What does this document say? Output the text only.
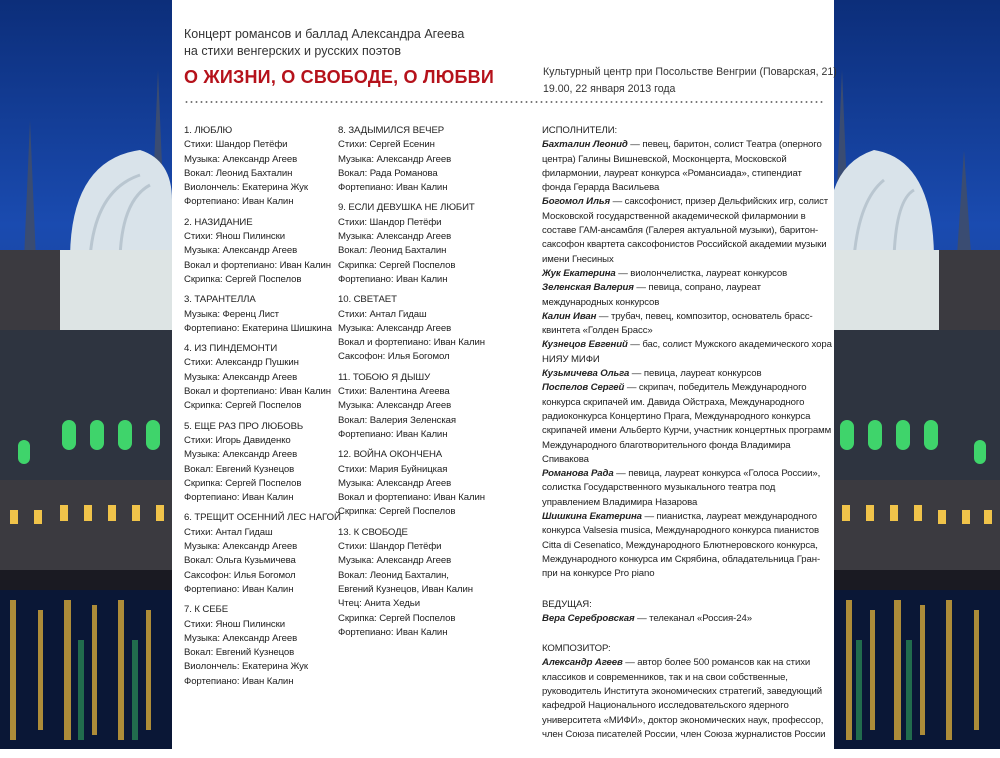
Концерт романсов и баллад Александра Агеева
на стихи венгерских и русских поэтов
О ЖИЗНИ, О СВОБОДЕ, О ЛЮБВИ	Культурный центр при Посольстве Венгрии (Поварская, 21)
19.00, 22 января 2013 года

1. ЛЮБЛЮ

Стихи: Шандор Петёфи

Музыка: Александр Агеев

Вокал: Леонид Бахталин

Виолончель: Екатерина Жук

Фортепиано: Иван Калин

2. НАЗИДАНИЕ

Стихи: Янош Пилински

Музыка: Александр Агеев

Вокал и фортепиано: Иван Калин

Скрипка: Сергей Поспелов

3. ТАРАНТЕЛЛА

Музыка: Ференц Лист

Фортепиано: Екатерина Шишкина

4. ИЗ ПИНДЕМОНТИ

Стихи: Александр Пушкин

Музыка: Александр Агеев

Вокал и фортепиано: Иван Калин

Скрипка: Сергей Поспелов

5. ЕЩЕ РАЗ ПРО ЛЮБОВЬ

Стихи: Игорь Давиденко

Музыка: Александр Агеев

Вокал: Евгений Кузнецов

Скрипка: Сергей Поспелов

Фортепиано: Иван Калин

6. ТРЕЩИТ ОСЕННИЙ ЛЕС НАГОЙ

Стихи: Антал Гидаш

Музыка: Александр Агеев

Вокал: Ольга Кузьмичева

Саксофон: Илья Богомол

Фортепиано: Иван Калин

7. К СЕБЕ

Стихи: Янош Пилински

Музыка: Александр Агеев

Вокал: Евгений Кузнецов

Виолончель: Екатерина Жук

Фортепиано: Иван Калин

8. ЗАДЫМИЛСЯ ВЕЧЕР

Стихи: Сергей Есенин

Музыка: Александр Агеев

Вокал: Рада Романова

Фортепиано: Иван Калин

9. ЕСЛИ ДЕВУШКА НЕ ЛЮБИТ

Стихи: Шандор Петёфи

Музыка: Александр Агеев

Вокал: Леонид Бахталин

Скрипка: Сергей Поспелов

Фортепиано: Иван Калин

10. СВЕТАЕТ

Стихи: Антал Гидаш

Музыка: Александр Агеев

Вокал и фортепиано: Иван Калин

Саксофон: Илья Богомол

11. ТОБОЮ Я ДЫШУ

Стихи: Валентина Агеева

Музыка: Александр Агеев

Вокал: Валерия Зеленская

Фортепиано: Иван Калин

12. ВОЙНА ОКОНЧЕНА

Стихи: Мария Буйницкая

Музыка: Александр Агеев

Вокал и фортепиано: Иван Калин

Скрипка: Сергей Поспелов

13. К СВОБОДЕ

Стихи: Шандор Петёфи

Музыка: Александр Агеев

Вокал: Леонид Бахталин,

Евгений Кузнецов, Иван Калин

Чтец: Анита Хедьи

Скрипка: Сергей Поспелов

Фортепиано: Иван Калин

ИСПОЛНИТЕЛИ:

Бахталин Леонид — певец, баритон, солист Театра (оперного центра) Галины Вишневской, Москонцерта, Московской филармонии, лауреат конкурса «Романсиада», стипендиат фонда Герарда Васильева

Богомол Илья — саксофонист, призер Дельфийских игр, солист Московской государственной академической филармонии в составе ГАМ-ансамбля (Галерея актуальной музыки), баритон-саксофон квартета саксофонистов Российской академии музыки имени Гнесиных

Жук Екатерина — виолончелистка, лауреат конкурсов

Зеленская Валерия — певица, сопрано, лауреат международных конкурсов

Калин Иван — трубач, певец, композитор, основатель брасс-квинтета «Голден Брасс»

Кузнецов Евгений — бас, солист Мужского академического хора НИЯУ МИФИ

Кузьмичева Ольга — певица, лауреат конкурсов

Поспелов Сергей — скрипач, победитель Международного конкурса скрипачей им. Давида Ойстраха, Международного радиоконкурса Концертино Прага, Международного конкурса скрипачей имени Альберто Курчи, участник концертных программ Международного благотворительного фонда Владимира Спивакова

Романова Рада — певица, лауреат конкурса «Голоса России», солистка Государственного музыкального театра под управлением Владимира Назарова

Шишкина Екатерина — пианистка, лауреат международного конкурса Valsesia musica, Международного конкурса пианистов Citta di Cesenatico, Международного Блютнеровского конкурса, Международного конкурса им Скрябина, обладательница Гран-при на конкурсе Pro piano

ВЕДУЩАЯ:

Вера Серебровская — телеканал «Россия-24»

КОМПОЗИТОР:

Александр Агеев — автор более 500 романсов как на стихи классиков и современников, так и на свои собственные, руководитель Института экономических стратегий, заведующий кафедрой Национального исследовательского ядерного университета «МИФИ», доктор экономических наук, профессор, член Союза писателей России, член Союза журналистов России
